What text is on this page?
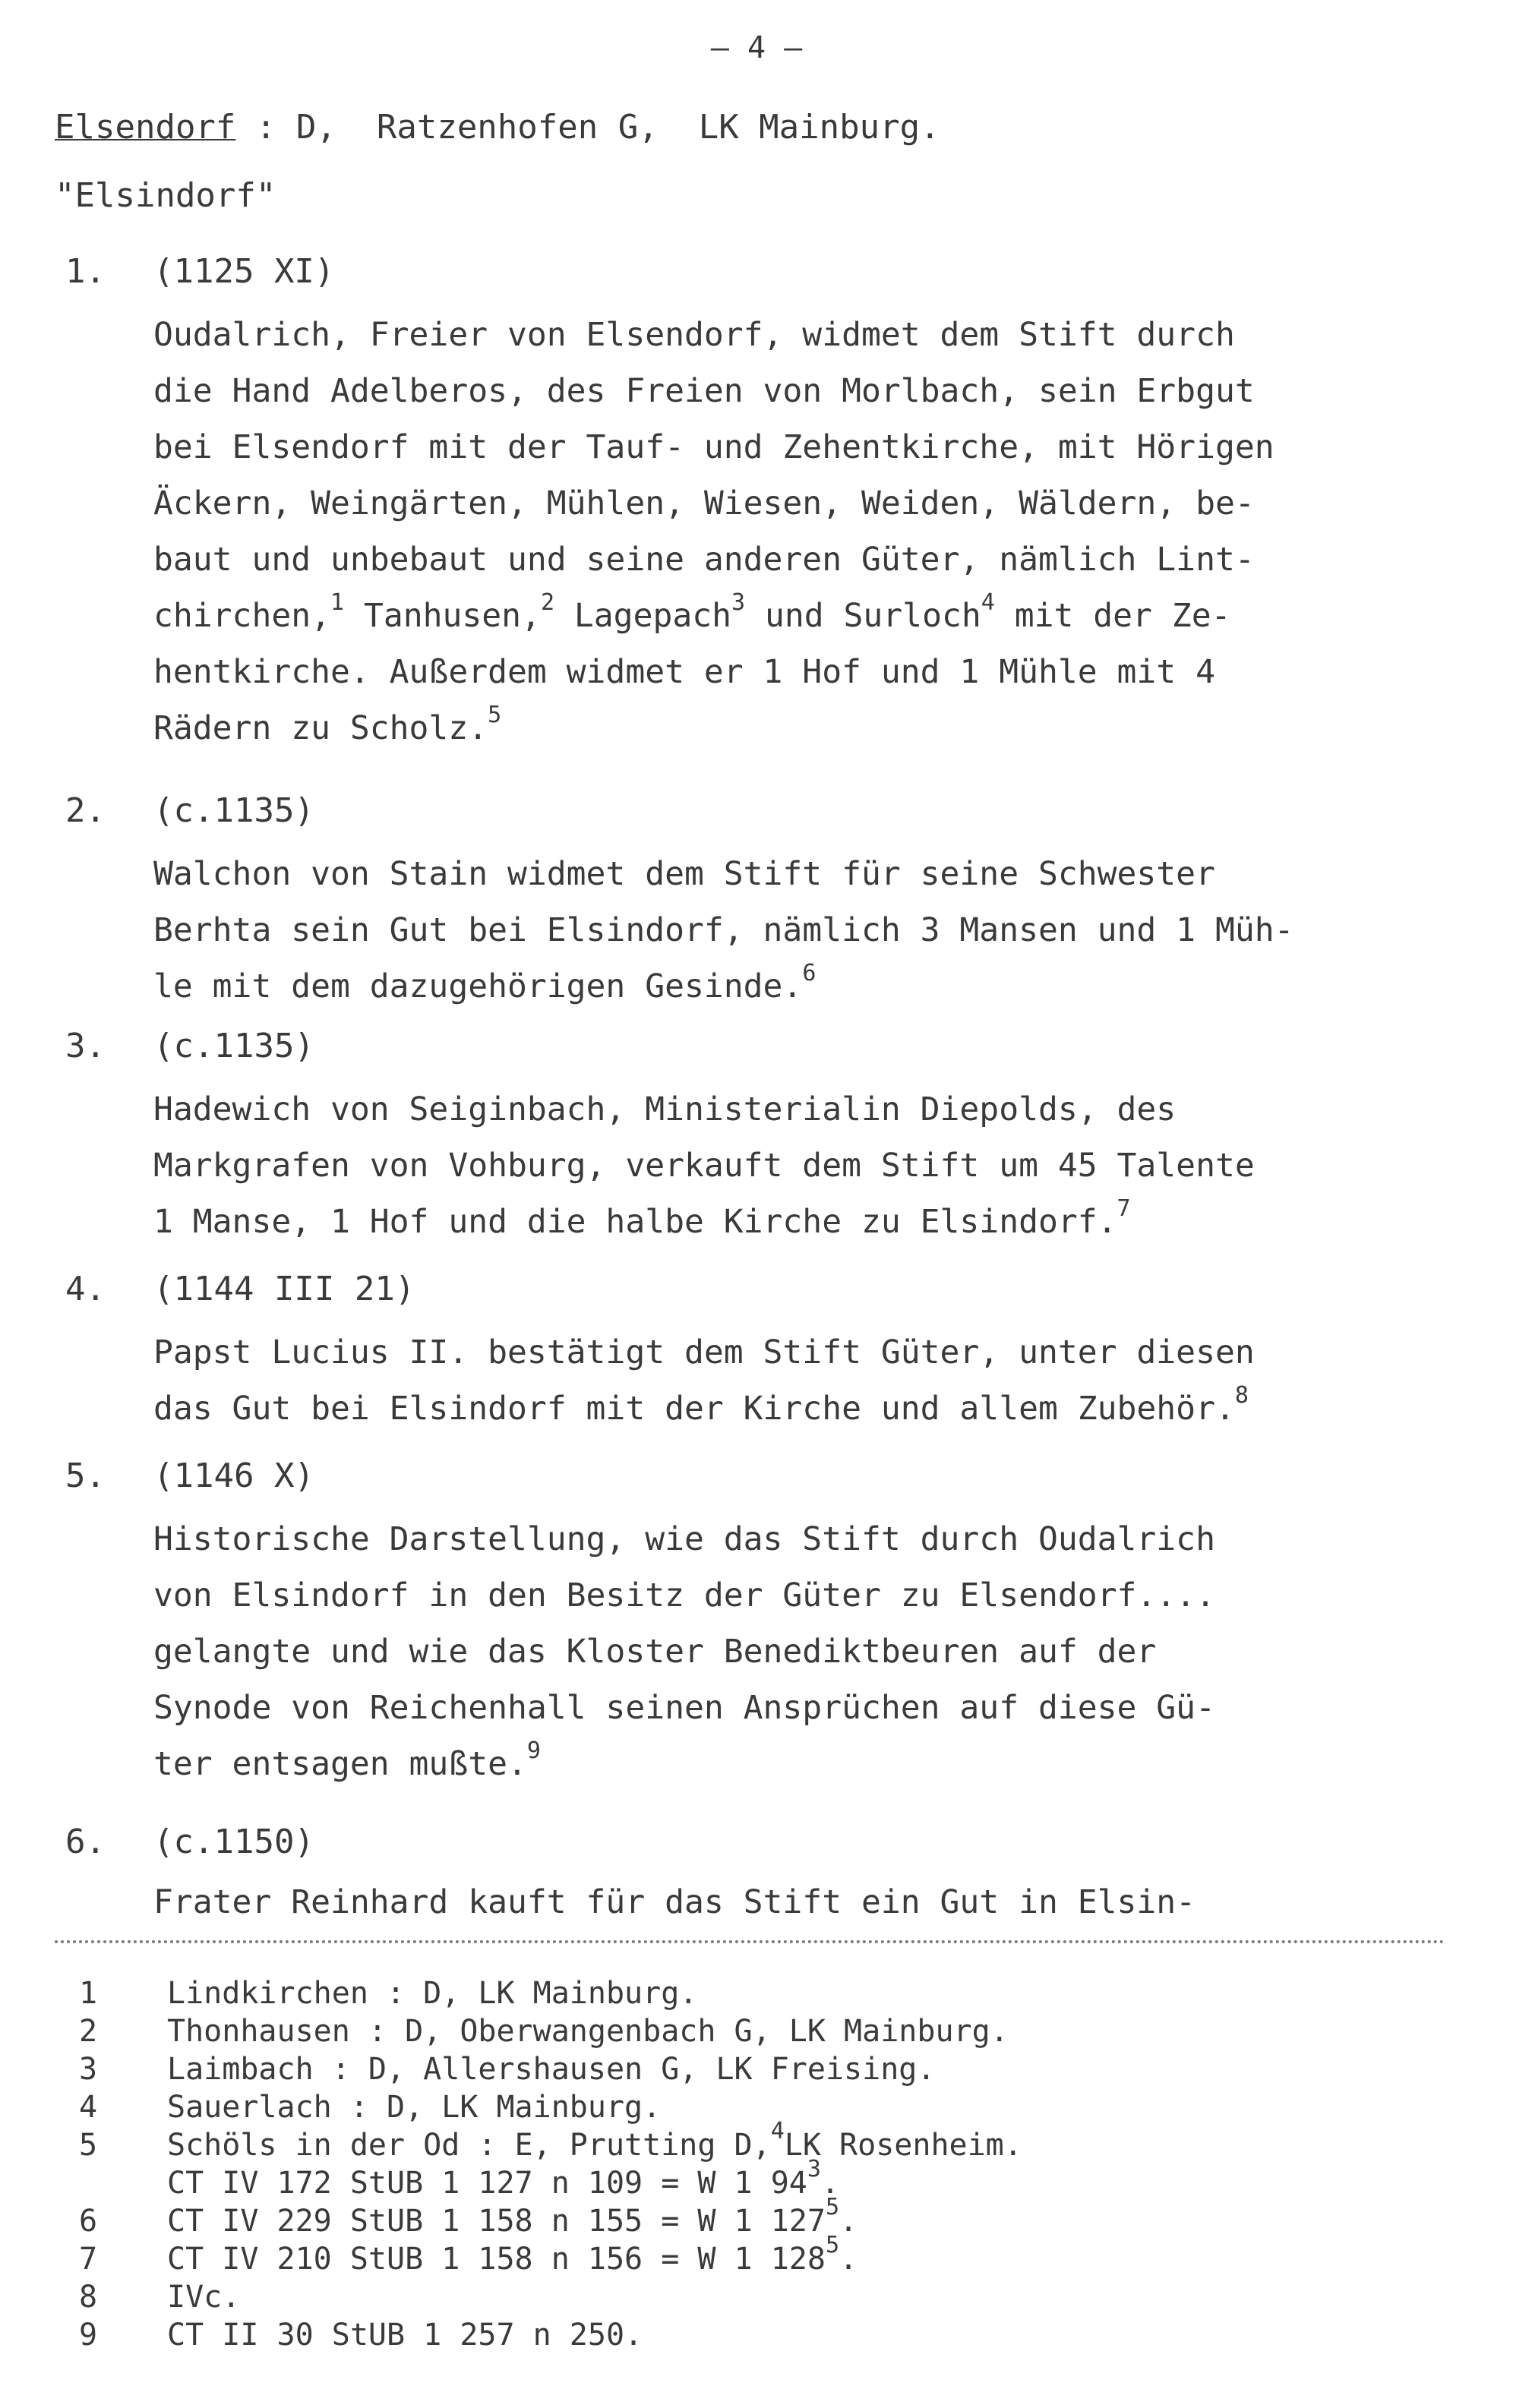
– 4 –
Elsendorf : D,  Ratzenhofen G,  LK Mainburg.
"Elsindorf"
1. (1125 XI)
Oudalrich, Freier von Elsendorf, widmet dem Stift durch
die Hand Adelberos, des Freien von Morlbach, sein Erbgut
bei Elsendorf mit der Tauf- und Zehentkirche, mit Hörigen
Äckern, Weingärten, Mühlen, Wiesen, Weiden, Wäldern, be-
baut und unbebaut und seine anderen Güter, nämlich Lint-
chirchen,$^1$ Tanhusen,$^2$ Lagepach$^3$ und Surloch$^4$ mit der Ze-
hentkirche. Außerdem widmet er 1 Hof und 1 Mühle mit 4
Rädern zu Scholz.$^5$
2. (c.1135)
Walchon von Stain widmet dem Stift für seine Schwester
Berhta sein Gut bei Elsindorf, nämlich 3 Mansen und 1 Müh-
le mit dem dazugehörigen Gesinde.$^6$
3. (c.1135)
Hadewich von Seiginbach, Ministerialin Diepolds, des
Markgrafen von Vohburg, verkauft dem Stift um 45 Talente
1 Manse, 1 Hof und die halbe Kirche zu Elsindorf.$^7$
4. (1144 III 21)
Papst Lucius II. bestätigt dem Stift Güter, unter diesen
das Gut bei Elsindorf mit der Kirche und allem Zubehör.$^8$
5. (1146 X)
Historische Darstellung, wie das Stift durch Oudalrich
von Elsindorf in den Besitz der Güter zu Elsendorf....
gelangte und wie das Kloster Benediktbeuren auf der
Synode von Reichenhall seinen Ansprüchen auf diese Gü-
ter entsagen mußte.$^9$
6. (c.1150)
Frater Reinhard kauft für das Stift ein Gut in Elsin-
1 Lindkirchen : D, LK Mainburg.
2 Thonhausen : D, Oberwangenbach G, LK Mainburg.
3 Laimbach : D, Allershausen G, LK Freising.
4 Sauerlach : D, LK Mainburg.
5 Schöls in der Od : E, Prutting D,$^4$LK Rosenheim.
CT IV 172 StUB 1 127 n 109 = W 1 $94^3$.
6 CT IV 229 StUB 1 158 n 155 = W 1 $127^5$.
7 CT IV 210 StUB 1 158 n 156 = W 1 $128^5$.
8 IVc.
9 CT II 30 StUB 1 257 n 250.
